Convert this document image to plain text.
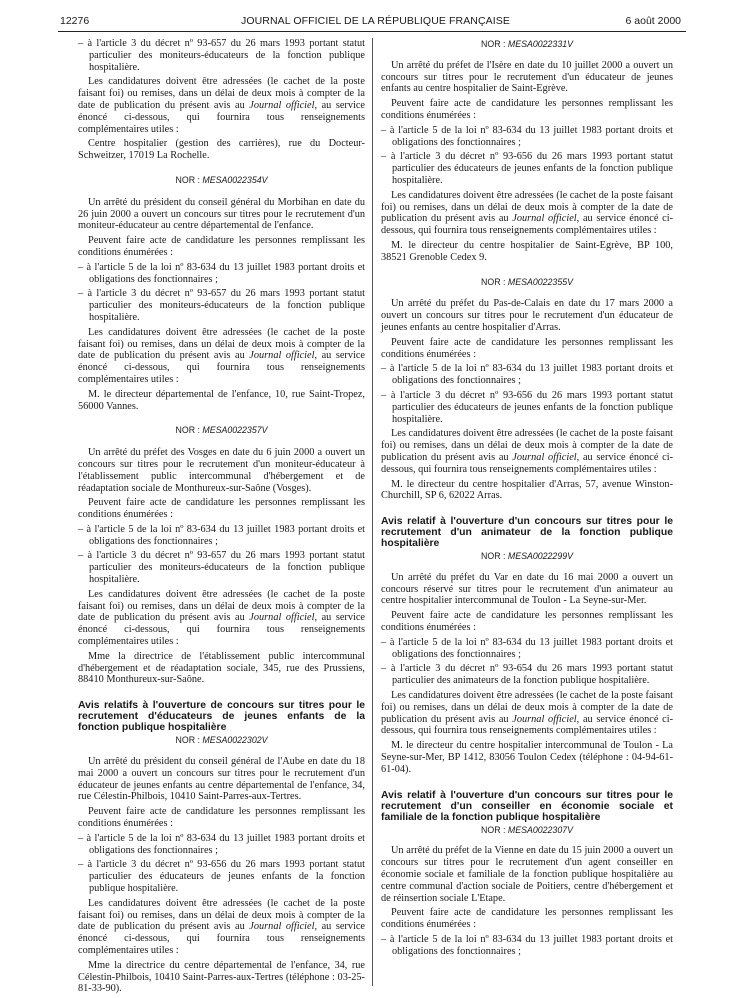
12276	JOURNAL OFFICIEL DE LA RÉPUBLIQUE FRANÇAISE	6 août 2000

– à l'article 3 du décret nº 93-657 du 26 mars 1993 portant statut particulier des moniteurs-éducateurs de la fonction publique hospitalière.

Les candidatures doivent être adressées (le cachet de la poste faisant foi) ou remises, dans un délai de deux mois à compter de la date de publication du présent avis au Journal officiel, au service énoncé ci-dessous, qui fournira tous renseignements complémentaires utiles :

Centre hospitalier (gestion des carrières), rue du Docteur-Schweitzer, 17019 La Rochelle.

NOR : MESA0022354V

Un arrêté du président du conseil général du Morbihan en date du 26 juin 2000 a ouvert un concours sur titres pour le recrutement d'un moniteur-éducateur au centre départemental de l'enfance.

Peuvent faire acte de candidature les personnes remplissant les conditions énumérées :

– à l'article 5 de la loi nº 83-634 du 13 juillet 1983 portant droits et obligations des fonctionnaires ;

– à l'article 3 du décret nº 93-657 du 26 mars 1993 portant statut particulier des moniteurs-éducateurs de la fonction publique hospitalière.

Les candidatures doivent être adressées (le cachet de la poste faisant foi) ou remises, dans un délai de deux mois à compter de la date de publication du présent avis au Journal officiel, au service énoncé ci-dessous, qui fournira tous renseignements complémentaires utiles :

M. le directeur départemental de l'enfance, 10, rue Saint-Tropez, 56000 Vannes.

NOR : MESA0022357V

Un arrêté du préfet des Vosges en date du 6 juin 2000 a ouvert un concours sur titres pour le recrutement d'un moniteur-éducateur à l'établissement public intercommunal d'hébergement et de réadaptation sociale de Monthureux-sur-Saône (Vosges).

Peuvent faire acte de candidature les personnes remplissant les conditions énumérées :

– à l'article 5 de la loi nº 83-634 du 13 juillet 1983 portant droits et obligations des fonctionnaires ;

– à l'article 3 du décret nº 93-657 du 26 mars 1993 portant statut particulier des moniteurs-éducateurs de la fonction publique hospitalière.

Les candidatures doivent être adressées (le cachet de la poste faisant foi) ou remises, dans un délai de deux mois à compter de la date de publication du présent avis au Journal officiel, au service énoncé ci-dessous, qui fournira tous renseignements complémentaires utiles :

Mme la directrice de l'établissement public intercommunal d'hébergement et de réadaptation sociale, 345, rue des Prussiens, 88410 Monthureux-sur-Saône.

Avis relatifs à l'ouverture de concours sur titres pour le recrutement d'éducateurs de jeunes enfants de la fonction publique hospitalière

NOR : MESA0022302V

Un arrêté du président du conseil général de l'Aube en date du 18 mai 2000 a ouvert un concours sur titres pour le recrutement d'un éducateur de jeunes enfants au centre départemental de l'enfance, 34, rue Célestin-Philbois, 10410 Saint-Parres-aux-Tertres.

Peuvent faire acte de candidature les personnes remplissant les conditions énumérées :

– à l'article 5 de la loi nº 83-634 du 13 juillet 1983 portant droits et obligations des fonctionnaires ;

– à l'article 3 du décret nº 93-656 du 26 mars 1993 portant statut particulier des éducateurs de jeunes enfants de la fonction publique hospitalière.

Les candidatures doivent être adressées (le cachet de la poste faisant foi) ou remises, dans un délai de deux mois à compter de la date de publication du présent avis au Journal officiel, au service énoncé ci-dessous, qui fournira tous renseignements complémentaires utiles :

Mme la directrice du centre départemental de l'enfance, 34, rue Célestin-Philbois, 10410 Saint-Parres-aux-Tertres (téléphone : 03-25-81-33-90).

NOR : MESA0022331V

Un arrêté du préfet de l'Isère en date du 10 juillet 2000 a ouvert un concours sur titres pour le recrutement d'un éducateur de jeunes enfants au centre hospitalier de Saint-Egrève.

Peuvent faire acte de candidature les personnes remplissant les conditions énumérées :

– à l'article 5 de la loi nº 83-634 du 13 juillet 1983 portant droits et obligations des fonctionnaires ;

– à l'article 3 du décret nº 93-656 du 26 mars 1993 portant statut particulier des éducateurs de jeunes enfants de la fonction publique hospitalière.

Les candidatures doivent être adressées (le cachet de la poste faisant foi) ou remises, dans un délai de deux mois à compter de la date de publication du présent avis au Journal officiel, au service énoncé ci-dessous, qui fournira tous renseignements complémentaires utiles :

M. le directeur du centre hospitalier de Saint-Egrève, BP 100, 38521 Grenoble Cedex 9.

NOR : MESA0022355V

Un arrêté du préfet du Pas-de-Calais en date du 17 mars 2000 a ouvert un concours sur titres pour le recrutement d'un éducateur de jeunes enfants au centre hospitalier d'Arras.

Peuvent faire acte de candidature les personnes remplissant les conditions énumérées :

– à l'article 5 de la loi nº 83-634 du 13 juillet 1983 portant droits et obligations des fonctionnaires ;

– à l'article 3 du décret nº 93-656 du 26 mars 1993 portant statut particulier des éducateurs de jeunes enfants de la fonction publique hospitalière.

Les candidatures doivent être adressées (le cachet de la poste faisant foi) ou remises, dans un délai de deux mois à compter de la date de publication du présent avis au Journal officiel, au service énoncé ci-dessous, qui fournira tous renseignements complémentaires utiles :

M. le directeur du centre hospitalier d'Arras, 57, avenue Winston-Churchill, SP 6, 62022 Arras.

Avis relatif à l'ouverture d'un concours sur titres pour le recrutement d'un animateur de la fonction publique hospitalière

NOR : MESA0022299V

Un arrêté du préfet du Var en date du 16 mai 2000 a ouvert un concours réservé sur titres pour le recrutement d'un animateur au centre hospitalier intercommunal de Toulon - La Seyne-sur-Mer.

Peuvent faire acte de candidature les personnes remplissant les conditions énumérées :

– à l'article 5 de la loi nº 83-634 du 13 juillet 1983 portant droits et obligations des fonctionnaires ;

– à l'article 3 du décret nº 93-654 du 26 mars 1993 portant statut particulier des animateurs de la fonction publique hospitalière.

Les candidatures doivent être adressées (le cachet de la poste faisant foi) ou remises, dans un délai de deux mois à compter de la date de publication du présent avis au Journal officiel, au service énoncé ci-dessous, qui fournira tous renseignements complémentaires utiles :

M. le directeur du centre hospitalier intercommunal de Toulon - La Seyne-sur-Mer, BP 1412, 83056 Toulon Cedex (téléphone : 04-94-61-61-04).

Avis relatif à l'ouverture d'un concours sur titres pour le recrutement d'un conseiller en économie sociale et familiale de la fonction publique hospitalière

NOR : MESA0022307V

Un arrêté du préfet de la Vienne en date du 15 juin 2000 a ouvert un concours sur titres pour le recrutement d'un agent conseiller en économie sociale et familiale de la fonction publique hospitalière au centre communal d'action sociale de Poitiers, centre d'hébergement et de réinsertion sociale L'Etape.

Peuvent faire acte de candidature les personnes remplissant les conditions énumérées :

– à l'article 5 de la loi nº 83-634 du 13 juillet 1983 portant droits et obligations des fonctionnaires ;
